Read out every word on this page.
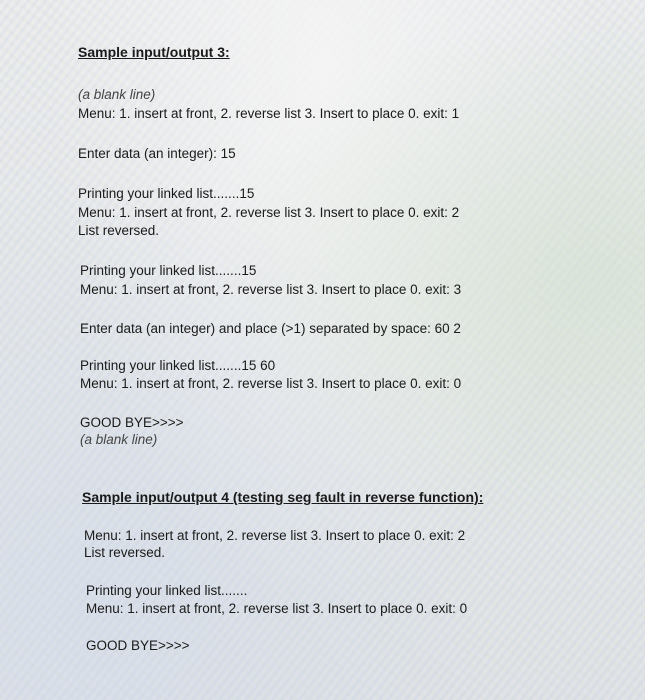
Sample input/output 3:
(a blank line)
Menu: 1. insert at front, 2. reverse list 3. Insert to place 0. exit: 1
Enter data (an integer): 15
Printing your linked list.......15
Menu: 1. insert at front, 2. reverse list 3. Insert to place 0. exit: 2
List reversed.
Printing your linked list.......15
Menu: 1. insert at front, 2. reverse list 3. Insert to place 0. exit: 3
Enter data (an integer) and place (>1) separated by space: 60 2
Printing your linked list.......15 60
Menu: 1. insert at front, 2. reverse list 3. Insert to place 0. exit: 0
GOOD BYE>>>>
(a blank line)
Sample input/output 4 (testing seg fault in reverse function):
Menu: 1. insert at front, 2. reverse list 3. Insert to place 0. exit: 2
List reversed.
Printing your linked list.......
Menu: 1. insert at front, 2. reverse list 3. Insert to place 0. exit: 0
GOOD BYE>>>>
